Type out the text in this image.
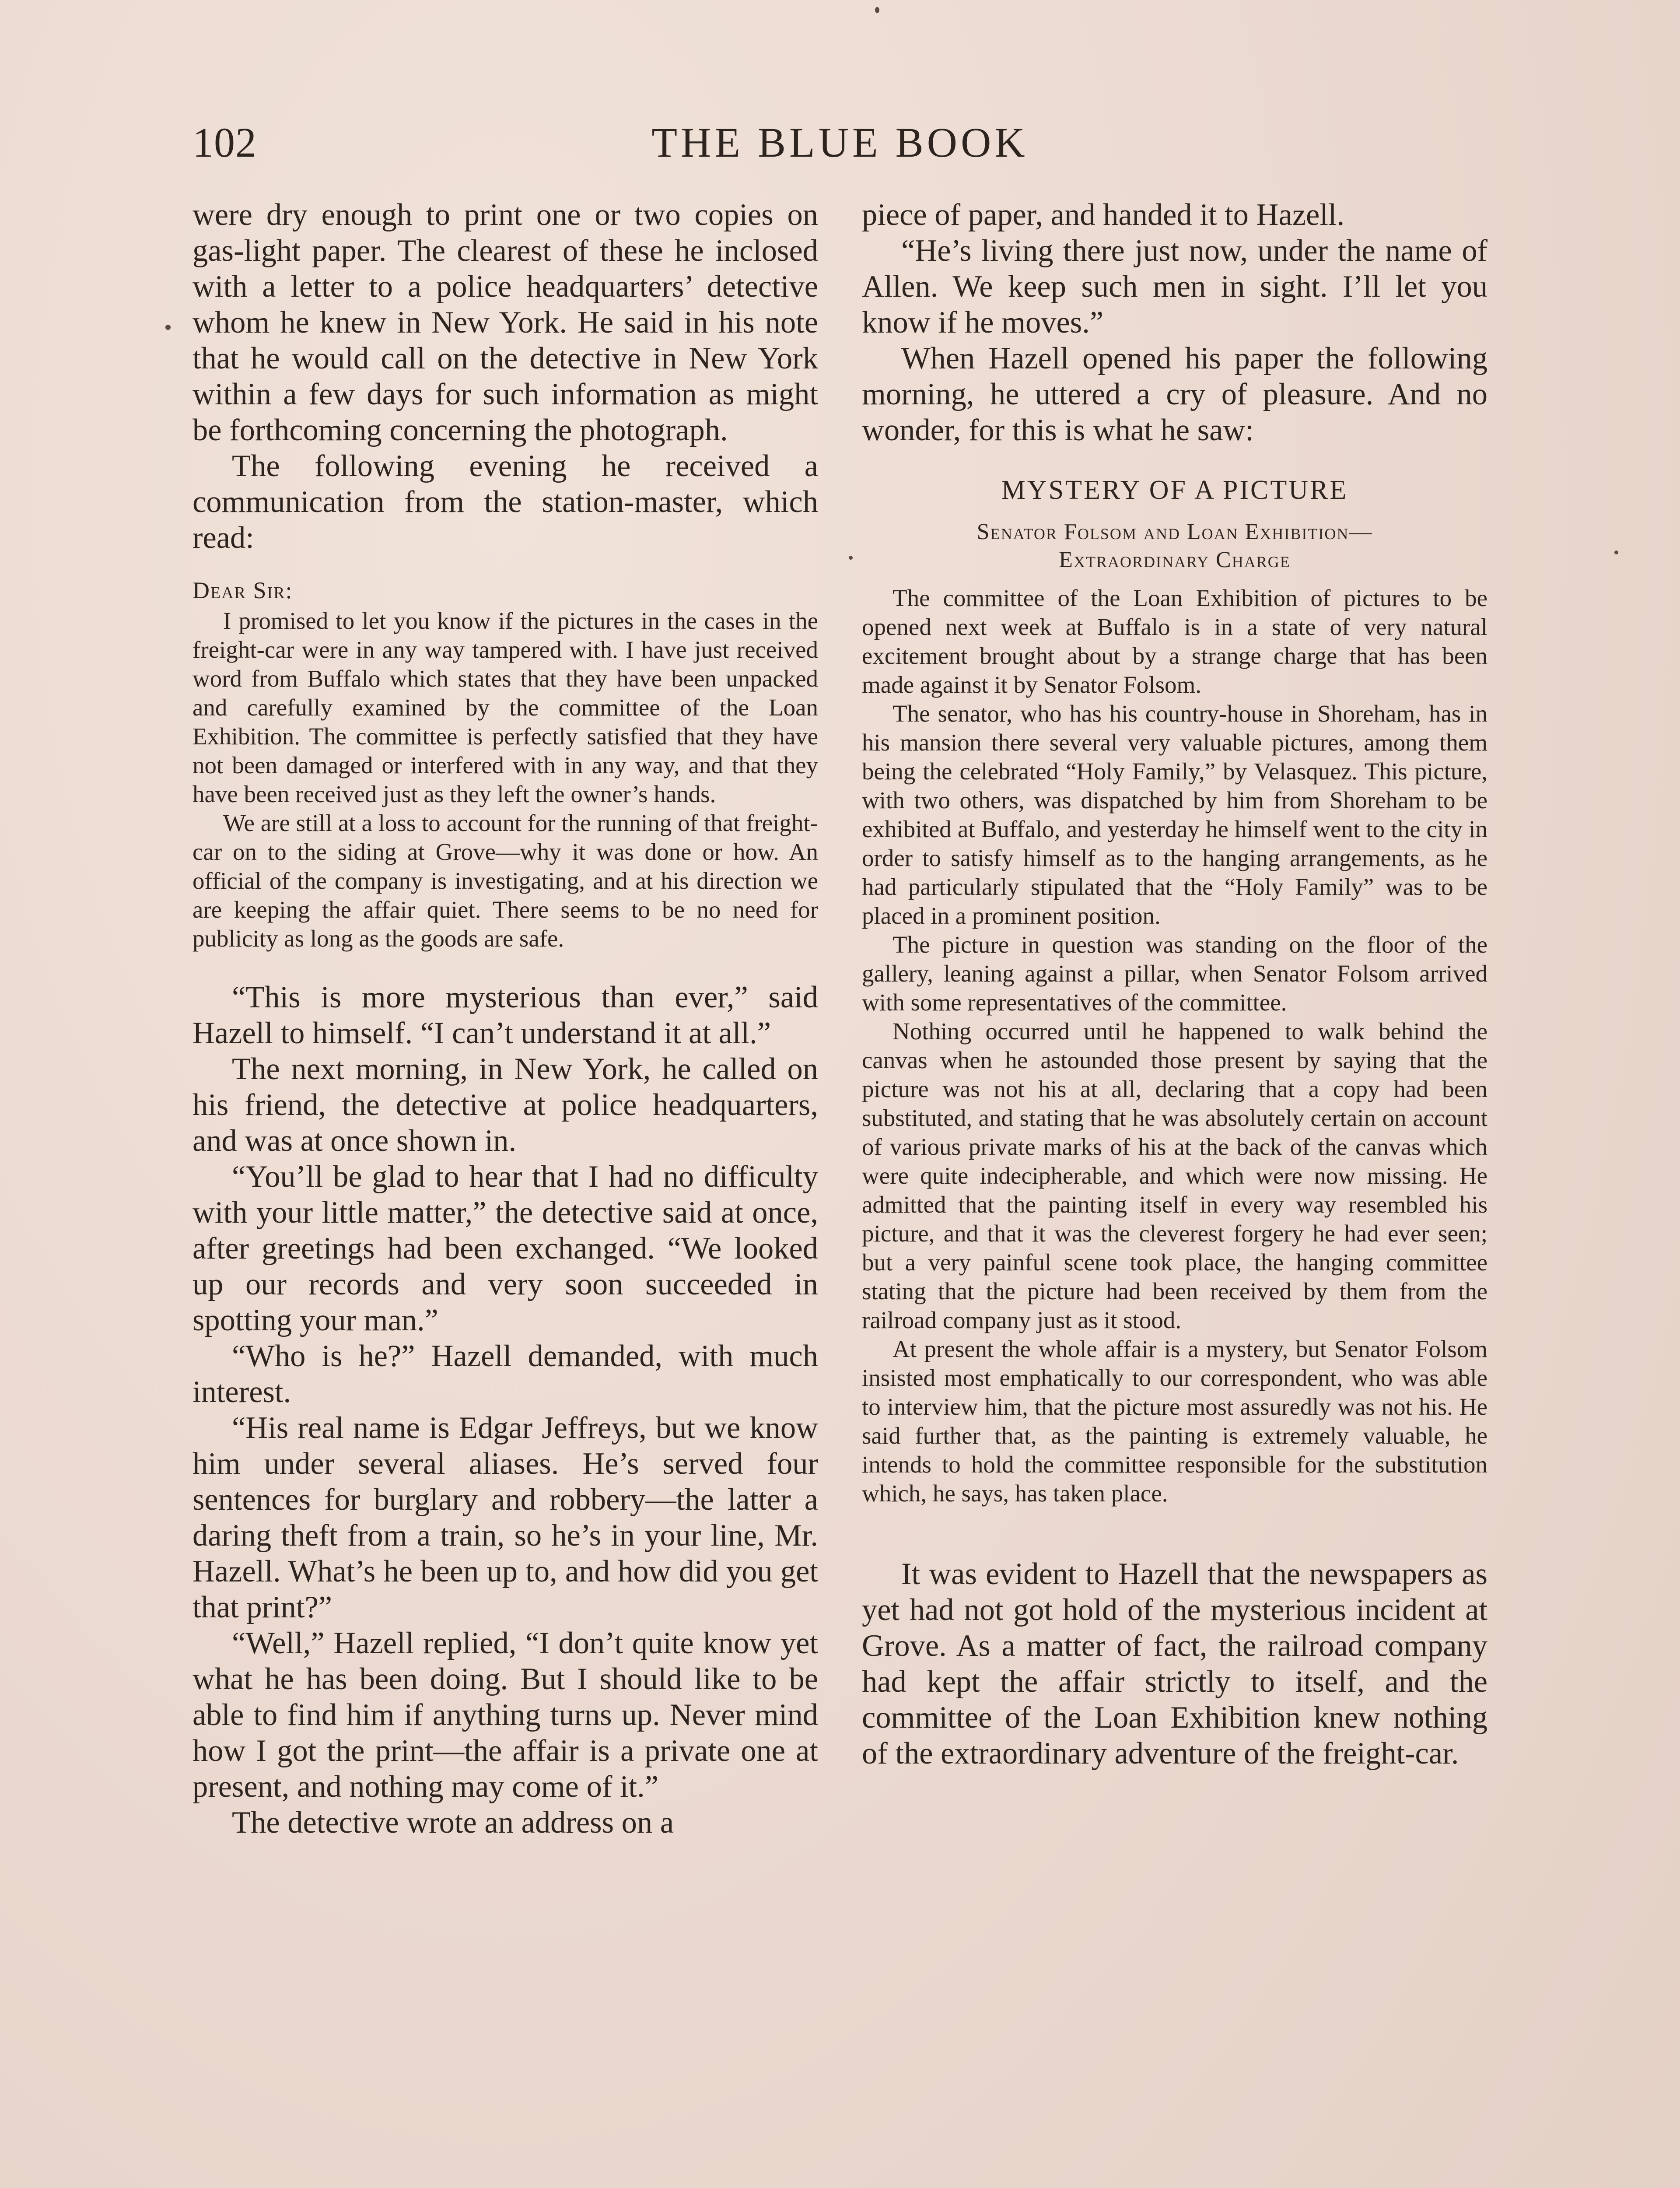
102	THE BLUE BOOK

were dry enough to print one or two copies on gas-light paper. The clearest of these he inclosed with a letter to a police headquarters’ detective whom he knew in New York. He said in his note that he would call on the detective in New York within a few days for such information as might be forthcoming concerning the photograph.

The following evening he received a communication from the station-master, which read:

Dear Sir:

I promised to let you know if the pictures in the cases in the freight-car were in any way tampered with. I have just received word from Buffalo which states that they have been unpacked and carefully examined by the committee of the Loan Exhibition. The committee is perfectly satisfied that they have not been damaged or interfered with in any way, and that they have been received just as they left the owner’s hands.

We are still at a loss to account for the running of that freight-car on to the siding at Grove—why it was done or how. An official of the company is investigating, and at his direction we are keeping the affair quiet. There seems to be no need for publicity as long as the goods are safe.

“This is more mysterious than ever,” said Hazell to himself. “I can’t understand it at all.”

The next morning, in New York, he called on his friend, the detective at police headquarters, and was at once shown in.

“You’ll be glad to hear that I had no difficulty with your little matter,” the detective said at once, after greetings had been exchanged. “We looked up our records and very soon succeeded in spotting your man.”

“Who is he?” Hazell demanded, with much interest.

“His real name is Edgar Jeffreys, but we know him under several aliases. He’s served four sentences for burglary and robbery—the latter a daring theft from a train, so he’s in your line, Mr. Hazell. What’s he been up to, and how did you get that print?”

“Well,” Hazell replied, “I don’t quite know yet what he has been doing. But I should like to be able to find him if anything turns up. Never mind how I got the print—the affair is a private one at present, and nothing may come of it.”

The detective wrote an address on a

piece of paper, and handed it to Hazell.

“He’s living there just now, under the name of Allen. We keep such men in sight. I’ll let you know if he moves.”

When Hazell opened his paper the following morning, he uttered a cry of pleasure. And no wonder, for this is what he saw:

MYSTERY OF A PICTURE

Senator Folsom and Loan Exhibition—
Extraordinary Charge

The committee of the Loan Exhibition of pictures to be opened next week at Buffalo is in a state of very natural excitement brought about by a strange charge that has been made against it by Senator Folsom.

The senator, who has his country-house in Shoreham, has in his mansion there several very valuable pictures, among them being the celebrated “Holy Family,” by Velasquez. This picture, with two others, was dispatched by him from Shoreham to be exhibited at Buffalo, and yesterday he himself went to the city in order to satisfy himself as to the hanging arrangements, as he had particularly stipulated that the “Holy Family” was to be placed in a prominent position.

The picture in question was standing on the floor of the gallery, leaning against a pillar, when Senator Folsom arrived with some representatives of the committee.

Nothing occurred until he happened to walk behind the canvas when he astounded those present by saying that the picture was not his at all, declaring that a copy had been substituted, and stating that he was absolutely certain on account of various private marks of his at the back of the canvas which were quite indecipherable, and which were now missing. He admitted that the painting itself in every way resembled his picture, and that it was the cleverest forgery he had ever seen; but a very painful scene took place, the hanging committee stating that the picture had been received by them from the railroad company just as it stood.

At present the whole affair is a mystery, but Senator Folsom insisted most emphatically to our correspondent, who was able to interview him, that the picture most assuredly was not his. He said further that, as the painting is extremely valuable, he intends to hold the committee responsible for the substitution which, he says, has taken place.

It was evident to Hazell that the newspapers as yet had not got hold of the mysterious incident at Grove. As a matter of fact, the railroad company had kept the affair strictly to itself, and the committee of the Loan Exhibition knew nothing of the extraordinary adventure of the freight-car.
